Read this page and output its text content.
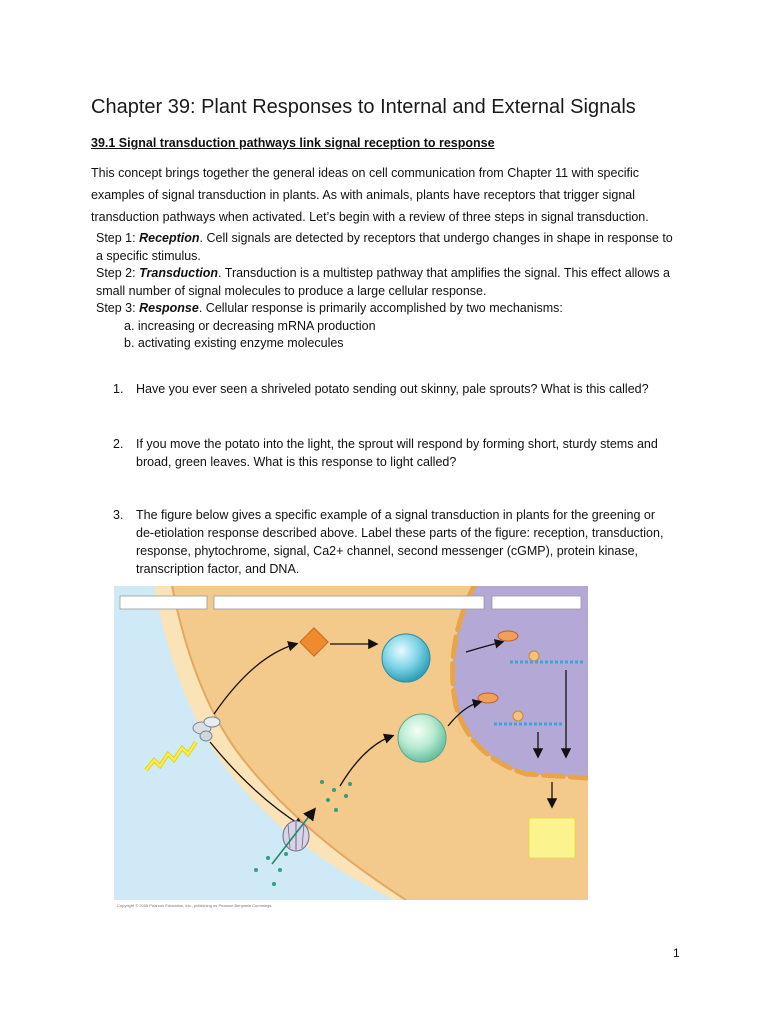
Chapter 39: Plant Responses to Internal and External Signals
39.1 Signal transduction pathways link signal reception to response
This concept brings together the general ideas on cell communication from Chapter 11 with specific
examples of signal transduction in plants. As with animals, plants have receptors that trigger signal
transduction pathways when activated. Let’s begin with a review of three steps in signal transduction.
Step 1: Reception. Cell signals are detected by receptors that undergo changes in shape in response to
a specific stimulus.
Step 2: Transduction. Transduction is a multistep pathway that amplifies the signal. This effect allows a
small number of signal molecules to produce a large cellular response.
Step 3: Response. Cellular response is primarily accomplished by two mechanisms:
a. increasing or decreasing mRNA production
b. activating existing enzyme molecules
1. Have you ever seen a shriveled potato sending out skinny, pale sprouts? What is this called?
2. If you move the potato into the light, the sprout will respond by forming short, sturdy stems and
broad, green leaves. What is this response to light called?
3. The figure below gives a specific example of a signal transduction in plants for the greening or
de-etiolation response described above. Label these parts of the figure: reception, transduction,
response, phytochrome, signal, Ca2+ channel, second messenger (cGMP), protein kinase,
transcription factor, and DNA.
Copyright © 2008 Pearson Education, Inc., publishing as Pearson Benjamin Cummings.
1
